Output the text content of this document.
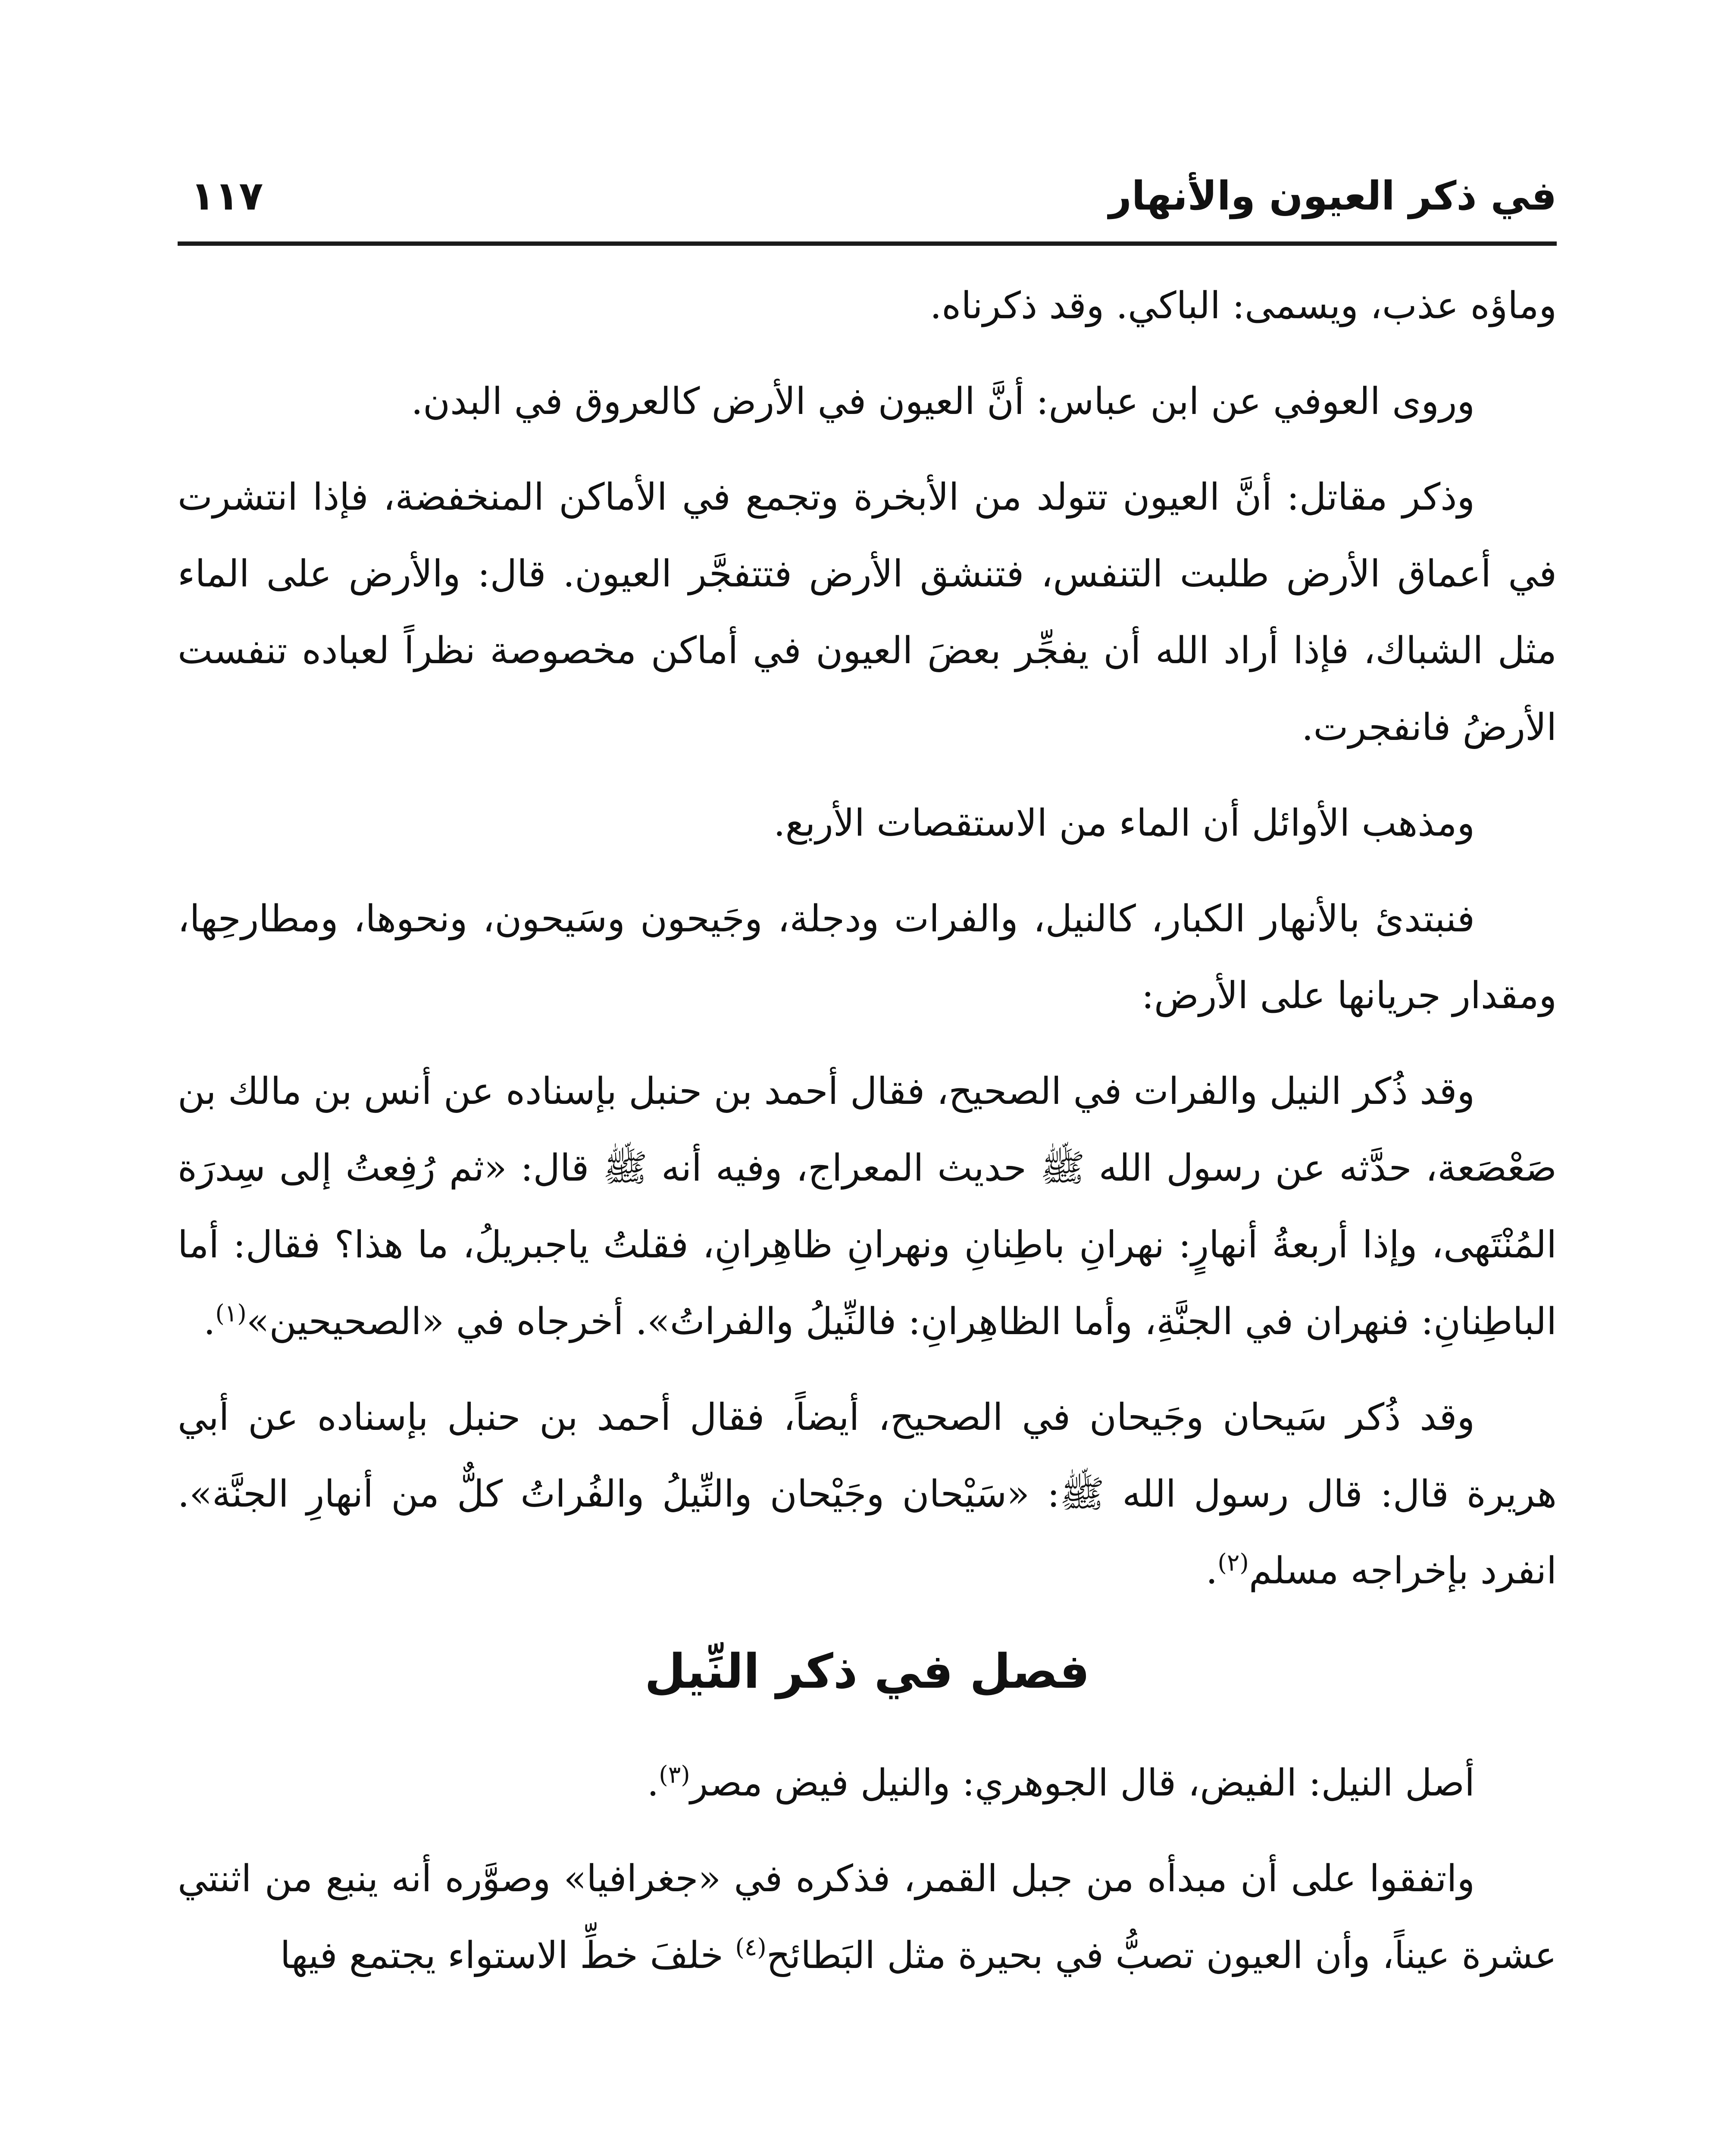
في ذكر العيون والأنهار
١١٧

وماؤه عذب، ويسمى: الباكي. وقد ذكرناه.

وروى العوفي عن ابن عباس: أنَّ العيون في الأرض كالعروق في البدن.

وذكر مقاتل: أنَّ العيون تتولد من الأبخرة وتجمع في الأماكن المنخفضة، فإذا انتشرت في أعماق الأرض طلبت التنفس، فتنشق الأرض فتتفجَّر العيون. قال: والأرض على الماء مثل الشباك، فإذا أراد الله أن يفجِّر بعضَ العيون في أماكن مخصوصة نظراً لعباده تنفست الأرضُ فانفجرت.

ومذهب الأوائل أن الماء من الاستقصات الأربع.

فنبتدئ بالأنهار الكبار، كالنيل، والفرات ودجلة، وجَيحون وسَيحون، ونحوها، ومطارحِها، ومقدار جريانها على الأرض:

وقد ذُكر النيل والفرات في الصحيح، فقال أحمد بن حنبل بإسناده عن أنس بن مالك بن صَعْصَعة، حدَّثه عن رسول الله ﷺ حديث المعراج، وفيه أنه ﷺ قال: «ثم رُفِعتُ إلى سِدرَة المُنْتَهى، وإذا أربعةُ أنهارٍ: نهرانِ باطِنانِ ونهرانِ ظاهِرانِ، فقلتُ ياجبريلُ، ما هذا؟ فقال: أما الباطِنانِ: فنهران في الجنَّةِ، وأما الظاهِرانِ: فالنِّيلُ والفراتُ». أخرجاه في «الصحيحين»$^{(١)}$.

وقد ذُكر سَيحان وجَيحان في الصحيح، أيضاً، فقال أحمد بن حنبل بإسناده عن أبي هريرة قال: قال رسول الله ﷺ: «سَيْحان وجَيْحان والنِّيلُ والفُراتُ كلٌّ من أنهارِ الجنَّة». انفرد بإخراجه مسلم$^{(٢)}$.

فصل في ذكر النِّيل

أصل النيل: الفيض، قال الجوهري: والنيل فيض مصر$^{(٣)}$.

واتفقوا على أن مبدأه من جبل القمر، فذكره في «جغرافيا» وصوَّره أنه ينبع من اثنتي عشرة عيناً، وأن العيون تصبُّ في بحيرة مثل البَطائح$^{(٤)}$ خلفَ خطِّ الاستواء يجتمع فيها
